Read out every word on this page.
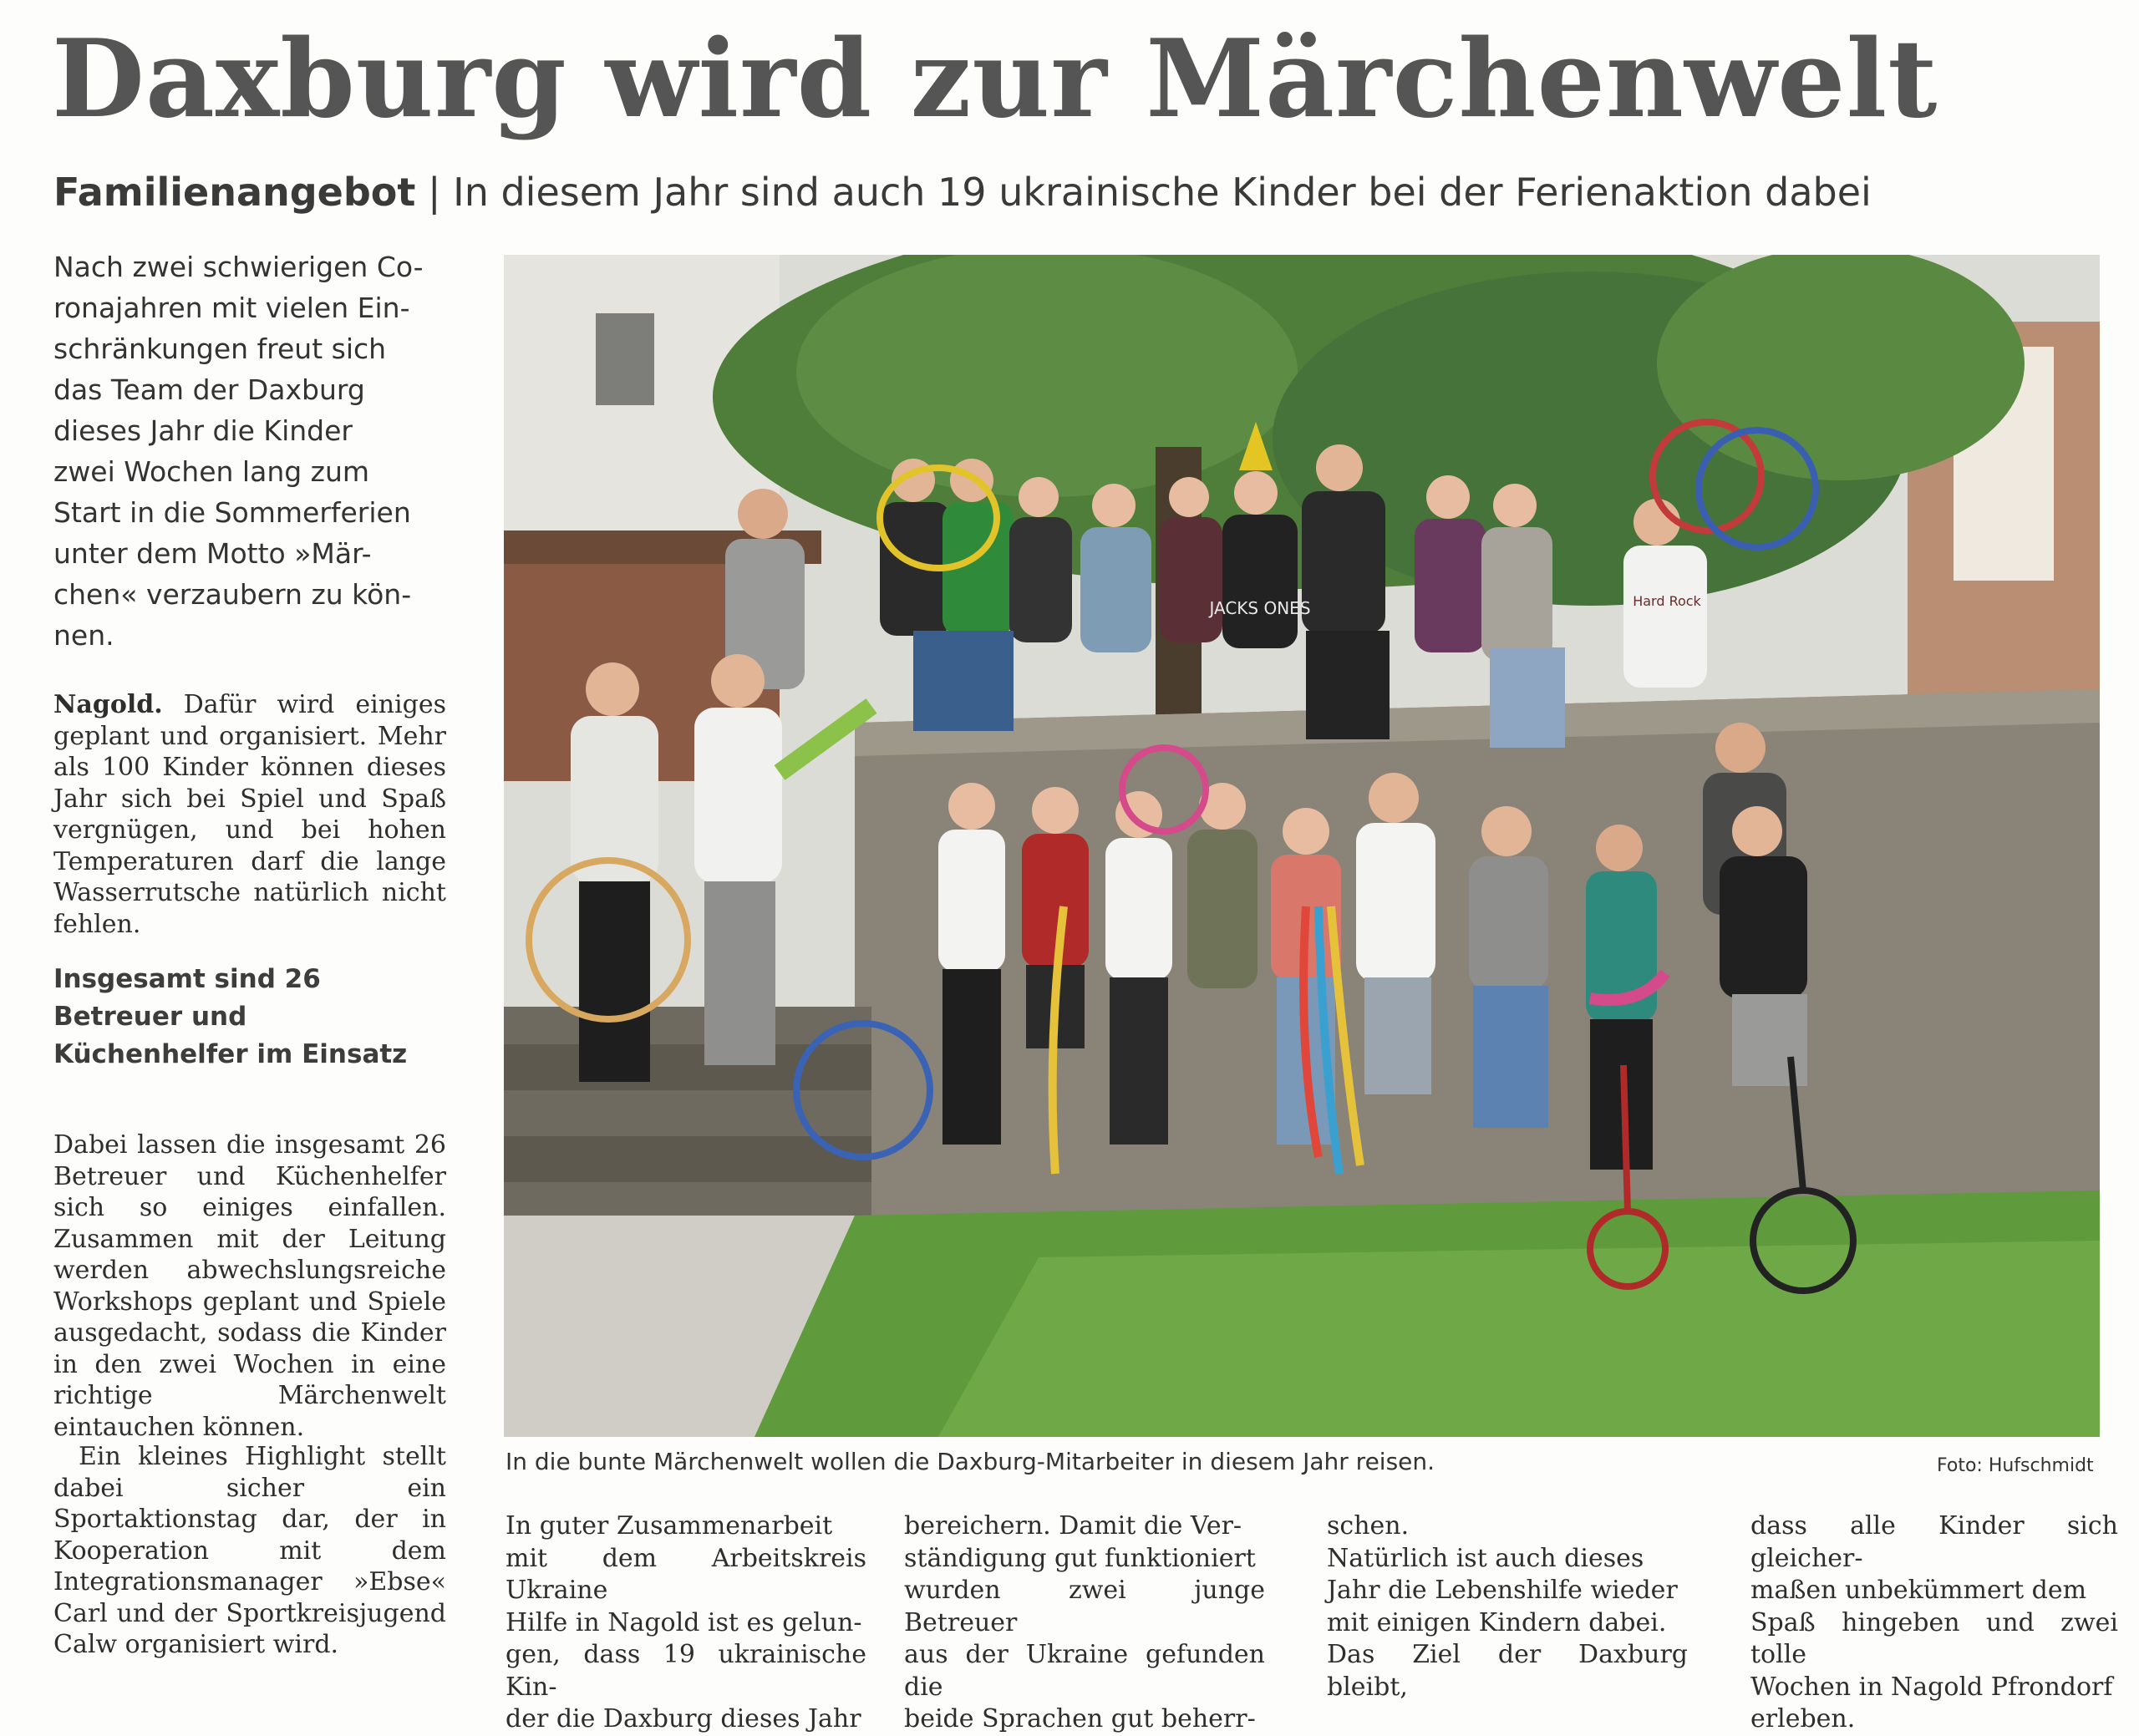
Daxburg wird zur Märchenwelt

Familienangebot | In diesem Jahr sind auch 19 ukrainische Kinder bei der Ferienaktion dabei

Nach zwei schwierigen Co-
ronajahren mit vielen Ein-
schränkungen freut sich
das Team der Daxburg
dieses Jahr die Kinder
zwei Wochen lang zum
Start in die Sommerferien
unter dem Motto »Mär-
chen« verzaubern zu kön-
nen.

Nagold. Dafür wird einiges geplant und organisiert. Mehr als 100 Kinder können dieses Jahr sich bei Spiel und Spaß vergnügen, und bei hohen Temperaturen darf die lange Wasserrutsche natürlich nicht fehlen.

Insgesamt sind 26
Betreuer und
Küchenhelfer im Einsatz

Dabei lassen die insgesamt 26 Betreuer und Küchenhelfer sich so einiges einfallen. Zusammen mit der Leitung werden abwechslungsreiche Workshops geplant und Spiele ausgedacht, sodass die Kinder in den zwei Wochen in eine richtige Märchenwelt eintauchen können.

Ein kleines Highlight stellt dabei sicher ein Sportaktionstag dar, der in Kooperation mit dem Integrationsmanager »Ebse« Carl und der Sportkreisjugend Calw organisiert wird.

JACKS ONES	Hard Rock
In die bunte Märchenwelt wollen die Daxburg-Mitarbeiter in diesem Jahr reisen.	Foto: Hufschmidt

In guter Zusammenarbeit
mit dem Arbeitskreis Ukraine
Hilfe in Nagold ist es gelun-
gen, dass 19 ukrainische Kin-
der die Daxburg dieses Jahr

bereichern. Damit die Ver-
ständigung gut funktioniert
wurden zwei junge Betreuer
aus der Ukraine gefunden die
beide Sprachen gut beherr-

schen.
Natürlich ist auch dieses
Jahr die Lebenshilfe wieder
mit einigen Kindern dabei.
Das Ziel der Daxburg bleibt,

dass alle Kinder sich gleicher-
maßen unbekümmert dem
Spaß hingeben und zwei tolle
Wochen in Nagold Pfrondorf
erleben.
